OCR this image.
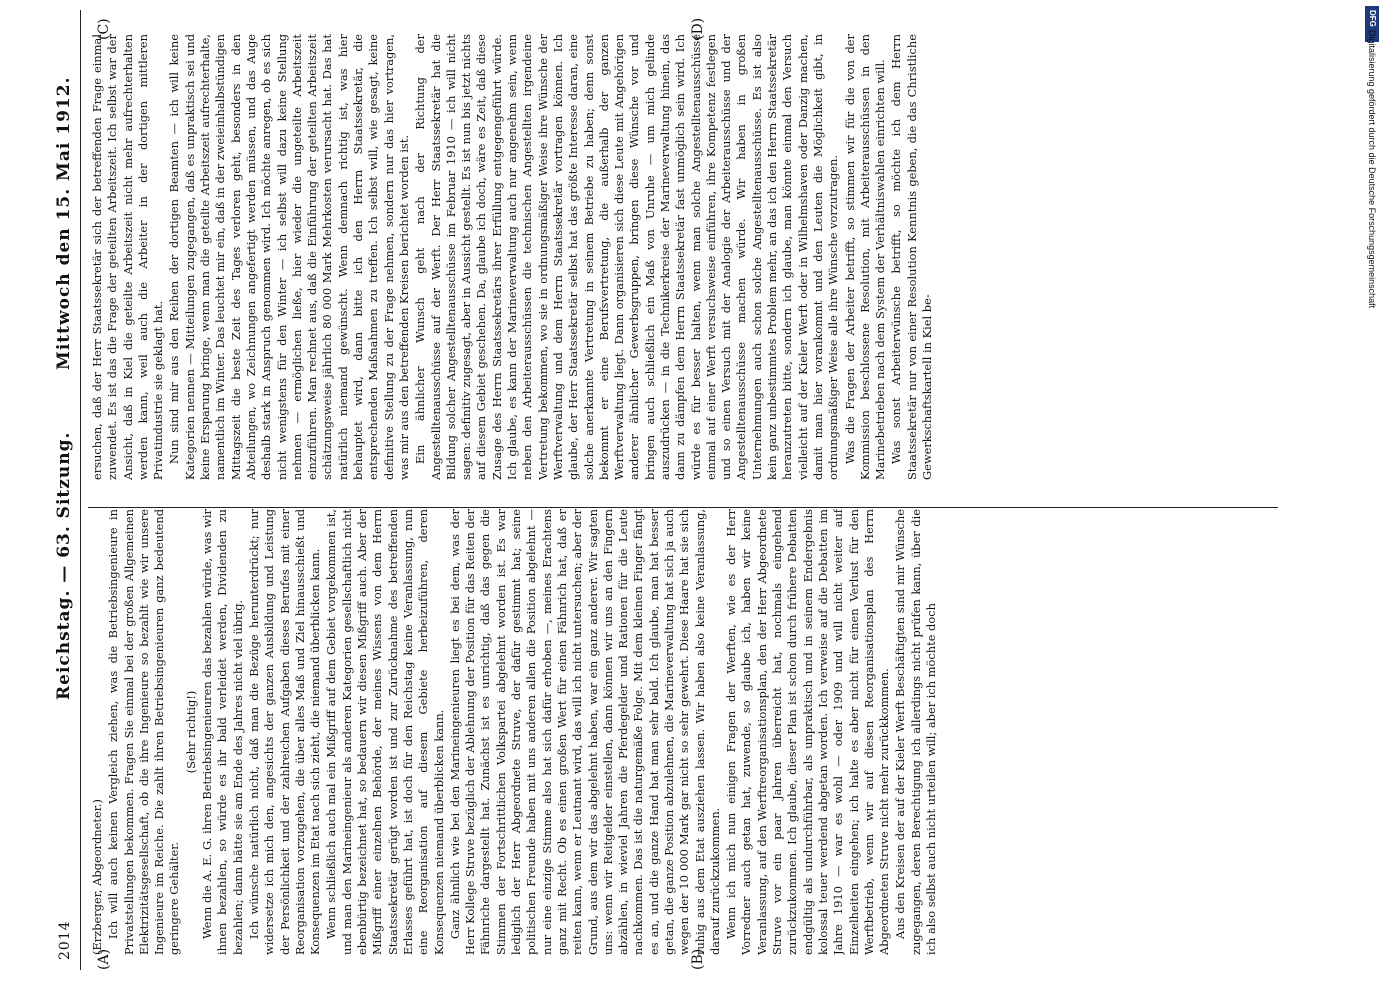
2014
Reichstag. — 63. Sitzung.
Mittwoch den 15. Mai 1912.
(A)	(B)
(C)	(D)

(Erzberger, Abgeordneter.) Ich will auch keinen Vergleich ziehen, was die Betriebsingenieure in Privatstellungen bekommen. Fragen Sie einmal bei der großen Allgemeinen Elektrizitätsgesellschaft, ob die ihre Ingenieure so bezahlt wie wir unsere Ingenieure im Reiche. Die zahlt ihren Betriebsingenieuren ganz bedeutend geringere Gehälter.

(Sehr richtig!) Wenn die A. E. G. ihren Betriebsingenieuren das bezahlen würde, was wir ihnen bezahlen, so würde es ihr bald verleidet werden, Dividenden zu bezahlen; dann hätte sie am Ende des Jahres nicht viel übrig. Ich wünsche natürlich nicht, daß man die Bezüge herunterdrückt; nur widersetze ich mich den, angesichts der ganzen Ausbildung und Leistung der Persönlichkeit und der zahlreichen Aufgaben dieses Berufes mit einer Reorganisation vorzugehen, die über alles Maß und Ziel hinausschießt und Konsequenzen im Etat nach sich zieht, die niemand überblicken kann. Wenn schließlich auch mal ein Mißgriff auf dem Gebiet vorgekommen ist, und man den Marineingenieur als anderen Kategorien gesellschaftlich nicht ebenbürtig bezeichnet hat, so bedauern wir diesen Mißgriff auch. Aber der Mißgriff einer einzelnen Behörde, der meines Wissens von dem Herrn Staatssekretär gerügt worden ist und zur Zurücknahme des betreffenden Erlasses geführt hat, ist doch für den Reichstag keine Veranlassung, nun eine Reorganisation auf diesem Gebiete herbeizuführen, deren Konsequenzen niemand überblicken kann. Ganz ähnlich wie bei den Marineingenieuren liegt es bei dem, was der Herr Kollege Struve bezüglich der Ablehnung der Position für das Reiten der Fähnriche dargestellt hat. Zunächst ist es unrichtig, daß das gegen die Stimmen der Fortschrittlichen Volkspartei abgelehnt worden ist. Es war lediglich der Herr Abgeordnete Struve, der dafür gestimmt hat; seine politischen Freunde haben mit uns anderen allen die Position abgelehnt — nur eine einzige Stimme also hat sich dafür erhoben —, meines Erachtens ganz mit Recht. Ob es einen großen Wert für einen Fähnrich hat, daß er reiten kann, wenn er Leutnant wird, das will ich nicht untersuchen; aber der Grund, aus dem wir das abgelehnt haben, war ein ganz anderer. Wir sagten uns: wenn wir Reitgelder einstellen, dann können wir uns an den Fingern abzählen, in wieviel Jahren die Pferdegelder und Rationen für die Leute nachkommen. Das ist die naturgemäße Folge. Mit dem kleinen Finger fängt es an, und die ganze Hand hat man sehr bald. Ich glaube, man hat besser getan, die ganze Position abzulehnen, die Marineverwaltung hat sich ja auch wegen der 10 000 Mark gar nicht so sehr gewehrt. Diese Haare hat sie sich ruhig aus dem Etat ausziehen lassen. Wir haben also keine Veranlassung, darauf zurückzukommen. Wenn ich mich nun einigen Fragen der Werften, wie es der Herr Vorredner auch getan hat, zuwende, so glaube ich, haben wir keine Veranlassung, auf den Werftreorganisationsplan, den der Herr Abgeordnete Struve vor ein paar Jahren überreicht hat, nochmals eingehend zurückzukommen. Ich glaube, dieser Plan ist schon durch frühere Debatten endgültig als undurchführbar, als unpraktisch und in seinem Endergebnis kolossal teuer werdend abgetan worden. Ich verweise auf die Debatten im Jahre 1910 — war es wohl — oder 1909 und will nicht weiter auf Einzelheiten eingehen; ich halte es aber nicht für einen Verlust für den Werftbetrieb, wenn wir auf diesen Reorganisationsplan des Herrn Abgeordneten Struve nicht mehr zurückkommen. Aus den Kreisen der auf der Kieler Werft Beschäftigten sind mir Wünsche zugegangen, deren Berechtigung ich allerdings nicht prüfen kann, über die ich also selbst auch nicht urteilen will; aber ich möchte doch

ersuchen, daß der Herr Staatssekretär sich der betreffenden Frage einmal zuwendet. Es ist das die Frage der geteilten Arbeitszeit. Ich selbst war der Ansicht, daß in Kiel die geteilte Arbeitszeit nicht mehr aufrechterhalten werden kann, weil auch die Arbeiter in der dortigen mittleren Privatindustrie sie geklagt hat. Nun sind mir aus den Reihen der dortigen Beamten — ich will keine Kategorien nennen — Mitteilungen zugegangen, daß es unpraktisch sei und keine Ersparung bringe, wenn man die geteilte Arbeitszeit aufrechterhalte, namentlich im Winter. Das leuchtet mir ein, daß in der zweieinhalbstündigen Mittagszeit die beste Zeit des Tages verloren geht, besonders in den Abteilungen, wo Zeichnungen angefertigt werden müssen, und das Auge deshalb stark in Anspruch genommen wird. Ich möchte anregen, ob es sich nicht wenigstens für den Winter — ich selbst will dazu keine Stellung nehmen — ermöglichen ließe, hier wieder die ungeteilte Arbeitszeit einzuführen. Man rechnet aus, daß die Einführung der geteilten Arbeitszeit schätzungsweise jährlich 80 000 Mark Mehrkosten verursacht hat. Das hat natürlich niemand gewünscht. Wenn demnach richtig ist, was hier behauptet wird, dann bitte ich den Herrn Staatssekretär, die entsprechenden Maßnahmen zu treffen. Ich selbst will, wie gesagt, keine definitive Stellung zu der Frage nehmen, sondern nur das hier vortragen, was mir aus den betreffenden Kreisen berichtet worden ist. Ein ähnlicher Wunsch geht nach der Richtung der Angestelltenausschüsse auf der Werft. Der Herr Staatssekretär hat die Bildung solcher Angestelltenausschüsse im Februar 1910 — ich will nicht sagen: definitiv zugesagt, aber in Aussicht gestellt. Es ist nun bis jetzt nichts auf diesem Gebiet geschehen. Da, glaube ich doch, wäre es Zeit, daß diese Zusage des Herrn Staatssekretärs ihrer Erfüllung entgegengeführt würde. Ich glaube, es kann der Marineverwaltung auch nur angenehm sein, wenn neben den Arbeiterausschüssen die technischen Angestellten irgendeine Vertretung bekommen, wo sie in ordnungsmäßiger Weise ihre Wünsche der Werftverwaltung und dem Herrn Staatssekretär vortragen können. Ich glaube, der Herr Staatssekretär selbst hat das größte Interesse daran, eine solche anerkannte Vertretung in seinem Betriebe zu haben; denn sonst bekommt er eine Berufsvertretung, die außerhalb der ganzen Werftverwaltung liegt. Dann organisieren sich diese Leute mit Angehörigen anderer ähnlicher Gewerbsgruppen, bringen diese Wünsche vor und bringen auch schließlich ein Maß von Unruhe — um mich gelinde auszudrücken — in die Technikerkreise der Marineverwaltung hinein, das dann zu dämpfen dem Herrn Staatssekretär fast unmöglich sein wird. Ich würde es für besser halten, wenn man solche Angestelltenausschüsse einmal auf einer Werft versuchsweise einführen, ihre Kompetenz festlegen und so einen Versuch mit der Analogie der Arbeiterausschüsse und der Angestelltenausschüsse machen würde. Wir haben in großen Unternehmungen auch schon solche Angestelltenausschüsse. Es ist also kein ganz unbestimmtes Problem mehr, an das ich den Herrn Staatssekretär heranzutreten bitte, sondern ich glaube, man könnte einmal den Versuch vielleicht auf der Kieler Werft oder in Wilhelmshaven oder Danzig machen, damit man hier vorankommt und den Leuten die Möglichkeit gibt, in ordnungsmäßiger Weise alle ihre Wünsche vorzutragen. Was die Fragen der Arbeiter betrifft, so stimmen wir für die von der Kommission beschlossene Resolution, mit Arbeiterausschüssen in den Marinebetrieben nach dem System der Verhältniswahlen einrichten will. Was sonst Arbeiterwünsche betrifft, so möchte ich dem Herrn Staatssekretär nur von einer Resolution Kenntnis geben, die das Christliche Gewerkschaftskartell in Kiel be-

DFG
Digitalisierung gefördert durch die Deutsche Forschungsgemeinschaft
